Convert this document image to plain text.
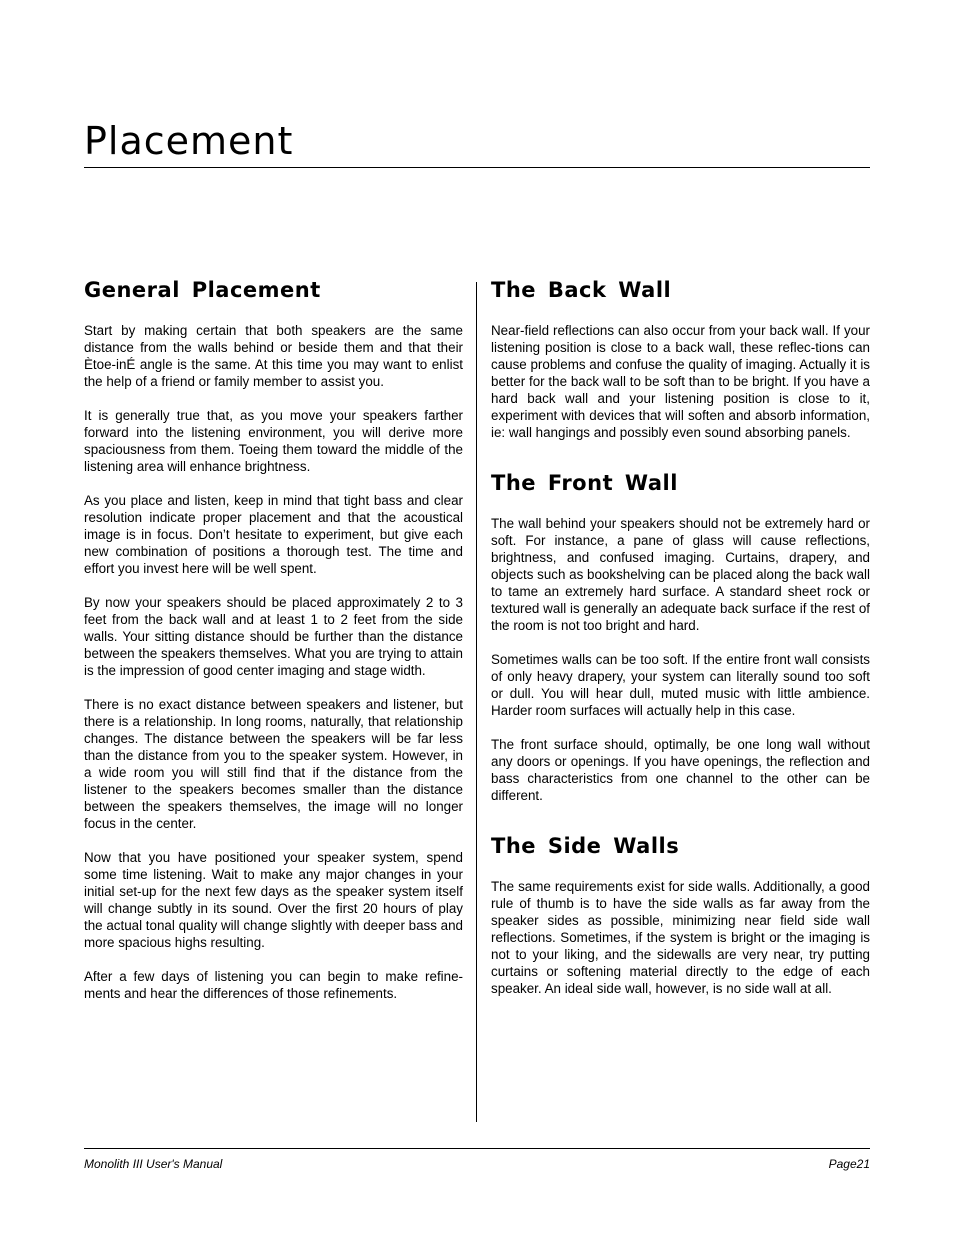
Placement
General Placement

Start by making certain that both speakers are the same distance from the walls behind or beside them and that their Ètoe-inÉ angle is the same. At this time you may want to enlist the help of a friend or family member to assist you.

It is generally true that, as you move your speakers farther forward into the listening environment, you will derive more spaciousness from them. Toeing them toward the middle of the listening area will enhance brightness.

As you place and listen, keep in mind that tight bass and clear resolution indicate proper placement and that the acoustical image is in focus. Don’t hesitate to experiment, but give each new combination of positions a thorough test. The time and effort you invest here will be well spent.

By now your speakers should be placed approximately 2 to 3 feet from the back wall and at least 1 to 2 feet from the side walls. Your sitting distance should be further than the distance between the speakers themselves. What you are trying to attain is the impression of good center imaging and stage width.

There is no exact distance between speakers and listener, but there is a relationship. In long rooms, naturally, that relationship changes. The distance between the speakers will be far less than the distance from you to the speaker system. However, in a wide room you will still find that if the distance from the listener to the speakers becomes smaller than the distance between the speakers themselves, the image will no longer focus in the center.

Now that you have positioned your speaker system, spend some time listening. Wait to make any major changes in your initial set-up for the next few days as the speaker system itself will change subtly in its sound. Over the first 20 hours of play the actual tonal quality will change slightly with deeper bass and more spacious highs resulting.

After a few days of listening you can begin to make refine-ments and hear the differences of those refinements.

The Back Wall

Near-field reflections can also occur from your back wall. If your listening position is close to a back wall, these reflec-tions can cause problems and confuse the quality of imaging. Actually it is better for the back wall to be soft than to be bright. If you have a hard back wall and your listening position is close to it, experiment with devices that will soften and absorb information, ie: wall hangings and possibly even sound absorbing panels.

The Front Wall

The wall behind your speakers should not be extremely hard or soft. For instance, a pane of glass will cause reflections, brightness, and confused imaging. Curtains, drapery, and objects such as bookshelving can be placed along the back wall to tame an extremely hard surface. A standard sheet rock or textured wall is generally an adequate back surface if the rest of the room is not too bright and hard.

Sometimes walls can be too soft. If the entire front wall consists of only heavy drapery, your system can literally sound too soft or dull. You will hear dull, muted music with little ambience. Harder room surfaces will actually help in this case.

The front surface should, optimally, be one long wall without any doors or openings. If you have openings, the reflection and bass characteristics from one channel to the other can be different.

The Side Walls

The same requirements exist for side walls. Additionally, a good rule of thumb is to have the side walls as far away from the speaker sides as possible, minimizing near field side wall reflections. Sometimes, if the system is bright or the imaging is not to your liking, and the sidewalls are very near, try putting curtains or softening material directly to the edge of each speaker. An ideal side wall, however, is no side wall at all.

Monolith III User's Manual	Page21
